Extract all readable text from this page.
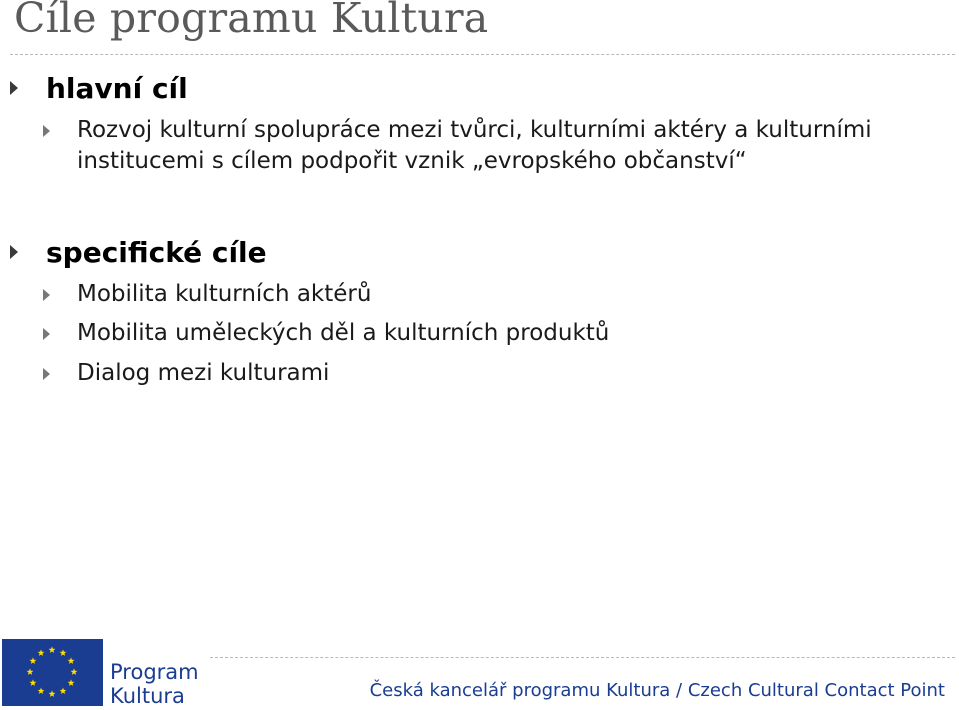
Cíle programu Kultura
hlavní cíl
Rozvoj kulturní spolupráce mezi tvůrci, kulturními aktéry a kulturními
institucemi s cílem podpořit vznik „evropského občanství“
specifické cíle
Mobilita kulturních aktérů
Mobilita uměleckých děl a kulturních produktů
Dialog mezi kulturami
Program
Kultura	Česká kancelář programu Kultura / Czech Cultural Contact Point
